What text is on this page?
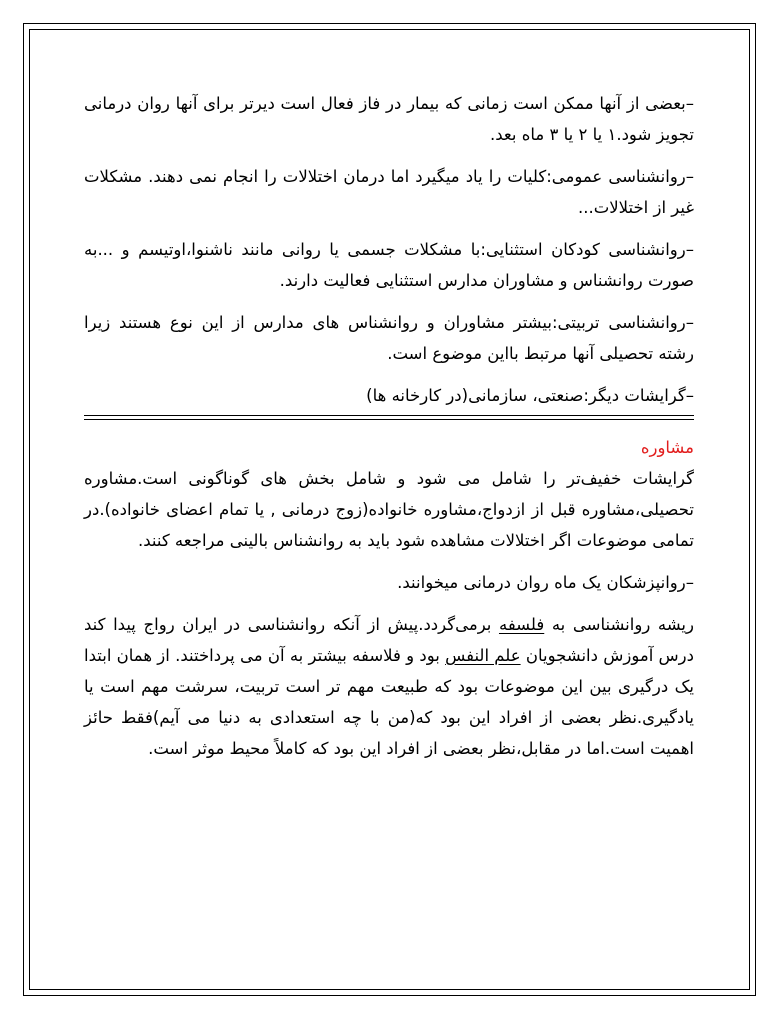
–بعضی از آنها ممکن است زمانی که بیمار در فاز فعال است دیرتر برای آنها روان درمانی تجویز شود.۱ یا ۲ یا ۳ ماه بعد.

–روانشناسی عمومی:کلیات را یاد میگیرد اما درمان اختلالات را انجام نمی دهند. مشکلات غیر از اختلالات...

–روانشناسی کودکان استثنایی:با مشکلات جسمی یا روانی مانند ناشنوا،اوتیسم و ...به صورت روانشناس و مشاوران مدارس استثنایی فعالیت دارند.

–روانشناسی تربیتی:بیشتر مشاوران و روانشناس های مدارس از این نوع هستند زیرا رشته تحصیلی آنها مرتبط بااین موضوع است.

–گرایشات دیگر:صنعتی، سازمانی(در کارخانه ها)

مشاوره

گرایشات خفیف‌تر را شامل می شود و شامل بخش های گوناگونی است.مشاوره تحصیلی،مشاوره قبل از ازدواج،مشاوره خانواده(زوج درمانی , یا تمام اعضای خانواده).در تمامی موضوعات اگر اختلالات مشاهده شود باید به روانشناس بالینی مراجعه کنند.

–روانپزشکان یک ماه روان درمانی میخوانند.

ریشه روانشناسی به فلسفه برمی‌گردد.پیش از آنکه روانشناسی در ایران رواج پیدا کند درس آموزش دانشجویان علم النفس بود و فلاسفه بیشتر به آن می پرداختند. از همان ابتدا یک درگیری بین این موضوعات بود که طبیعت مهم تر است تربیت، سرشت مهم است یا یادگیری.نظر بعضی از افراد این بود که(من با چه استعدادی به دنیا می آیم)فقط حائز اهمیت است.اما در مقابل،نظر بعضی از افراد این بود که کاملاً محیط موثر است.
